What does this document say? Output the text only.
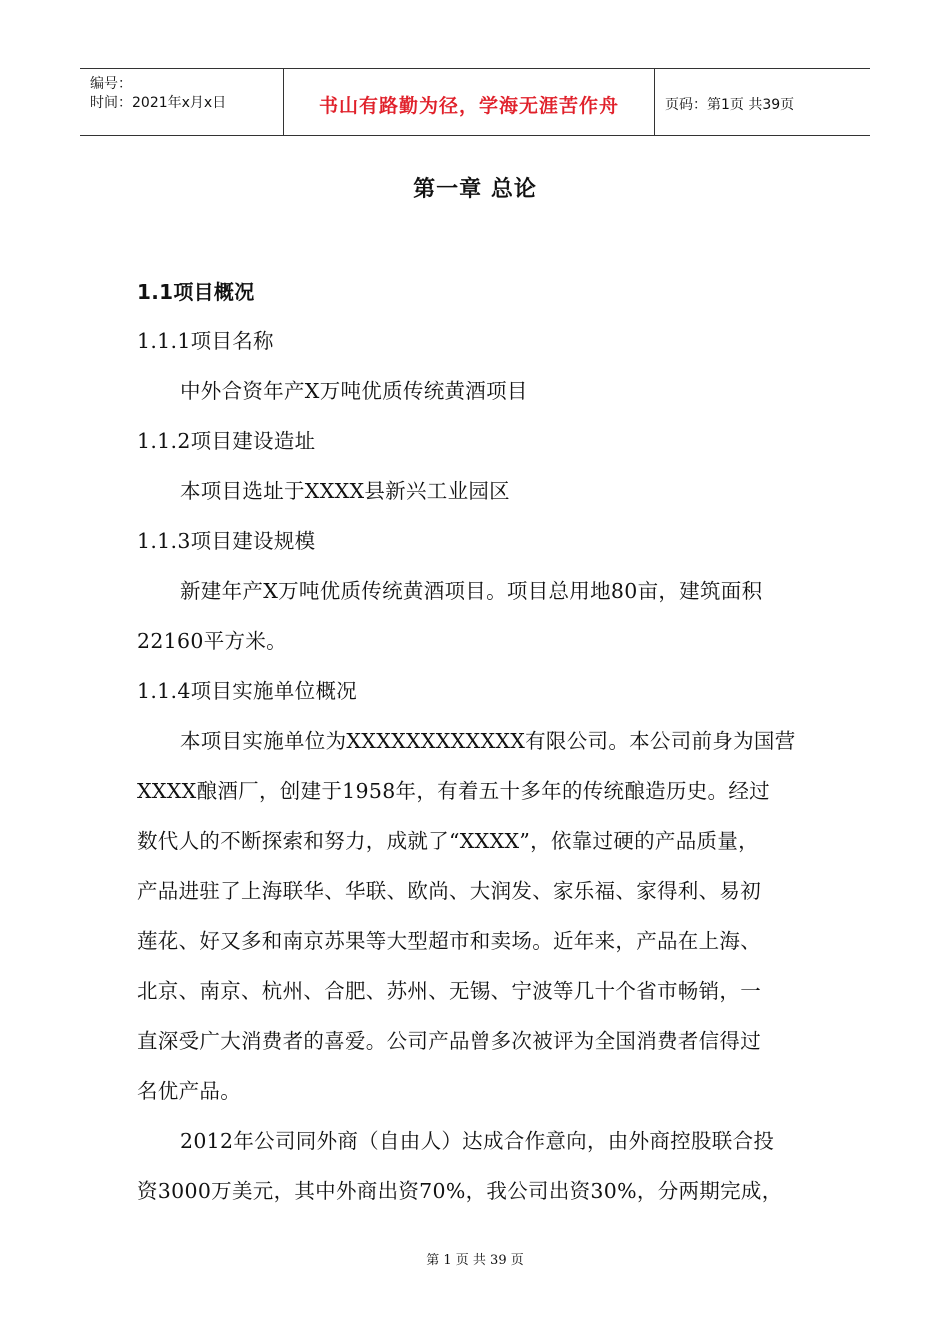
编号：
时间：2021年x月x日	书山有路勤为径，学海无涯苦作舟	页码：第1页 共39页
第一章 总论
1.1项目概况
1.1.1项目名称
中外合资年产X万吨优质传统黄酒项目
1.1.2项目建设造址
本项目选址于XXXX县新兴工业园区
1.1.3项目建设规模
新建年产X万吨优质传统黄酒项目。项目总用地80亩，建筑面积
22160平方米。
1.1.4项目实施单位概况
本项目实施单位为XXXXXXXXXXXX有限公司。本公司前身为国营
XXXX酿酒厂，创建于1958年，有着五十多年的传统酿造历史。经过
数代人的不断探索和努力，成就了“XXXX”，依靠过硬的产品质量，
产品进驻了上海联华、华联、欧尚、大润发、家乐福、家得利、易初
莲花、好又多和南京苏果等大型超市和卖场。近年来，产品在上海、
北京、南京、杭州、合肥、苏州、无锡、宁波等几十个省市畅销，一
直深受广大消费者的喜爱。公司产品曾多次被评为全国消费者信得过
名优产品。
2012年公司同外商（自由人）达成合作意向，由外商控股联合投
资3000万美元，其中外商出资70%，我公司出资30%，分两期完成，
第 1 页 共 39 页
